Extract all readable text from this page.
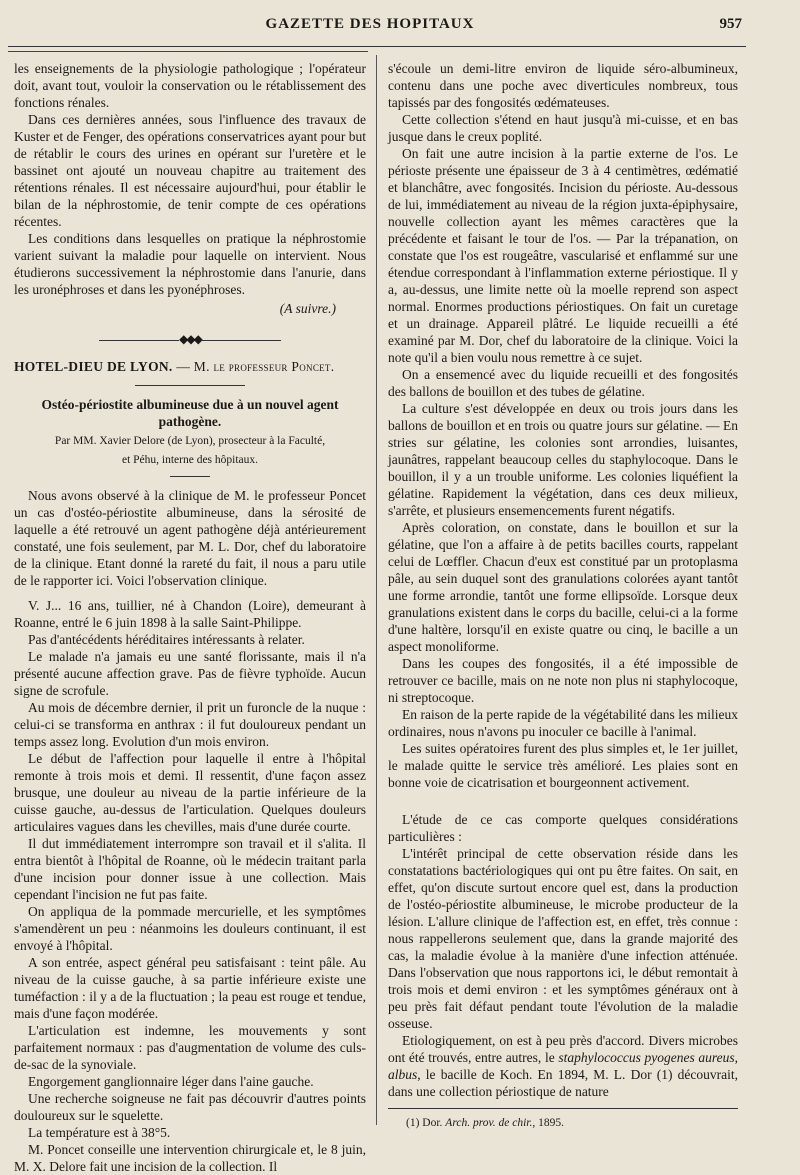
GAZETTE DES HOPITAUX	957

les enseignements de la physiologie pathologique ; l'opérateur doit, avant tout, vouloir la conservation ou le rétablissement des fonctions rénales.

Dans ces dernières années, sous l'influence des travaux de Kuster et de Fenger, des opérations conservatrices ayant pour but de rétablir le cours des urines en opérant sur l'uretère et le bassinet ont ajouté un nouveau chapitre au traitement des rétentions rénales. Il est nécessaire aujourd'hui, pour établir le bilan de la néphrostomie, de tenir compte de ces opérations récentes.

Les conditions dans lesquelles on pratique la néphrostomie varient suivant la maladie pour laquelle on intervient. Nous étudierons successivement la néphrostomie dans l'anurie, dans les uronéphroses et dans les pyonéphroses.

(A suivre.)
◆◆◆

HOTEL-DIEU DE LYON. — M. le professeur Poncet.

Ostéo-périostite albumineuse due à un nouvel agent pathogène.

Par MM. Xavier Delore (de Lyon), prosecteur à la Faculté,

et Péhu, interne des hôpitaux.

Nous avons observé à la clinique de M. le professeur Poncet un cas d'ostéo-périostite albumineuse, dans la sérosité de laquelle a été retrouvé un agent pathogène déjà antérieurement constaté, une fois seulement, par M. L. Dor, chef du laboratoire de la clinique. Etant donné la rareté du fait, il nous a paru utile de le rapporter ici. Voici l'observation clinique.

V. J... 16 ans, tuillier, né à Chandon (Loire), demeurant à Roanne, entré le 6 juin 1898 à la salle Saint-Philippe.

Pas d'antécédents héréditaires intéressants à relater.

Le malade n'a jamais eu une santé florissante, mais il n'a présenté aucune affection grave. Pas de fièvre typhoïde. Aucun signe de scrofule.

Au mois de décembre dernier, il prit un furoncle de la nuque : celui-ci se transforma en anthrax : il fut douloureux pendant un temps assez long. Evolution d'un mois environ.

Le début de l'affection pour laquelle il entre à l'hôpital remonte à trois mois et demi. Il ressentit, d'une façon assez brusque, une douleur au niveau de la partie inférieure de la cuisse gauche, au-dessus de l'articulation. Quelques douleurs articulaires vagues dans les chevilles, mais d'une durée courte.

Il dut immédiatement interrompre son travail et il s'alita. Il entra bientôt à l'hôpital de Roanne, où le médecin traitant parla d'une incision pour donner issue à une collection. Mais cependant l'incision ne fut pas faite.

On appliqua de la pommade mercurielle, et les symptômes s'amendèrent un peu : néanmoins les douleurs continuant, il est envoyé à l'hôpital.

A son entrée, aspect général peu satisfaisant : teint pâle. Au niveau de la cuisse gauche, à sa partie inférieure existe une tuméfaction : il y a de la fluctuation ; la peau est rouge et tendue, mais d'une façon modérée.

L'articulation est indemne, les mouvements y sont parfaitement normaux : pas d'augmentation de volume des culs-de-sac de la synoviale.

Engorgement ganglionnaire léger dans l'aine gauche.

Une recherche soigneuse ne fait pas découvrir d'autres points douloureux sur le squelette.

La température est à 38°5.

M. Poncet conseille une intervention chirurgicale et, le 8 juin, M. X. Delore fait une incision de la collection. Il

s'écoule un demi-litre environ de liquide séro-albumineux, contenu dans une poche avec diverticules nombreux, tous tapissés par des fongosités œdémateuses.

Cette collection s'étend en haut jusqu'à mi-cuisse, et en bas jusque dans le creux poplité.

On fait une autre incision à la partie externe de l'os. Le périoste présente une épaisseur de 3 à 4 centimètres, œdématié et blanchâtre, avec fongosités. Incision du périoste. Au-dessous de lui, immédiatement au niveau de la région juxta-épiphysaire, nouvelle collection ayant les mêmes caractères que la précédente et faisant le tour de l'os. — Par la trépanation, on constate que l'os est rougeâtre, vascularisé et enflammé sur une étendue correspondant à l'inflammation externe périostique. Il y a, au-dessus, une limite nette où la moelle reprend son aspect normal. Enormes productions périostiques. On fait un curetage et un drainage. Appareil plâtré. Le liquide recueilli a été examiné par M. Dor, chef du laboratoire de la clinique. Voici la note qu'il a bien voulu nous remettre à ce sujet.

On a ensemencé avec du liquide recueilli et des fongosités des ballons de bouillon et des tubes de gélatine.

La culture s'est développée en deux ou trois jours dans les ballons de bouillon et en trois ou quatre jours sur gélatine. — En stries sur gélatine, les colonies sont arrondies, luisantes, jaunâtres, rappelant beaucoup celles du staphylocoque. Dans le bouillon, il y a un trouble uniforme. Les colonies liquéfient la gélatine. Rapidement la végétation, dans ces deux milieux, s'arrête, et plusieurs ensemencements furent négatifs.

Après coloration, on constate, dans le bouillon et sur la gélatine, que l'on a affaire à de petits bacilles courts, rappelant celui de Lœffler. Chacun d'eux est constitué par un protoplasma pâle, au sein duquel sont des granulations colorées ayant tantôt une forme arrondie, tantôt une forme ellipsoïde. Lorsque deux granulations existent dans le corps du bacille, celui-ci a la forme d'une haltère, lorsqu'il en existe quatre ou cinq, le bacille a un aspect monoliforme.

Dans les coupes des fongosités, il a été impossible de retrouver ce bacille, mais on ne note non plus ni staphylocoque, ni streptocoque.

En raison de la perte rapide de la végétabilité dans les milieux ordinaires, nous n'avons pu inoculer ce bacille à l'animal.

Les suites opératoires furent des plus simples et, le 1er juillet, le malade quitte le service très amélioré. Les plaies sont en bonne voie de cicatrisation et bourgeonnent activement.

L'étude de ce cas comporte quelques considérations particulières :

L'intérêt principal de cette observation réside dans les constatations bactériologiques qui ont pu être faites. On sait, en effet, qu'on discute surtout encore quel est, dans la production de l'ostéo-périostite albumineuse, le microbe producteur de la lésion. L'allure clinique de l'affection est, en effet, très connue : nous rappellerons seulement que, dans la grande majorité des cas, la maladie évolue à la manière d'une infection atténuée. Dans l'observation que nous rapportons ici, le début remontait à trois mois et demi environ : et les symptômes généraux ont à peu près fait défaut pendant toute l'évolution de la maladie osseuse.

Etiologiquement, on est à peu près d'accord. Divers microbes ont été trouvés, entre autres, le staphylococcus pyogenes aureus, albus, le bacille de Koch. En 1894, M. L. Dor (1) découvrait, dans une collection périostique de nature

(1) Dor. Arch. prov. de chir., 1895.
